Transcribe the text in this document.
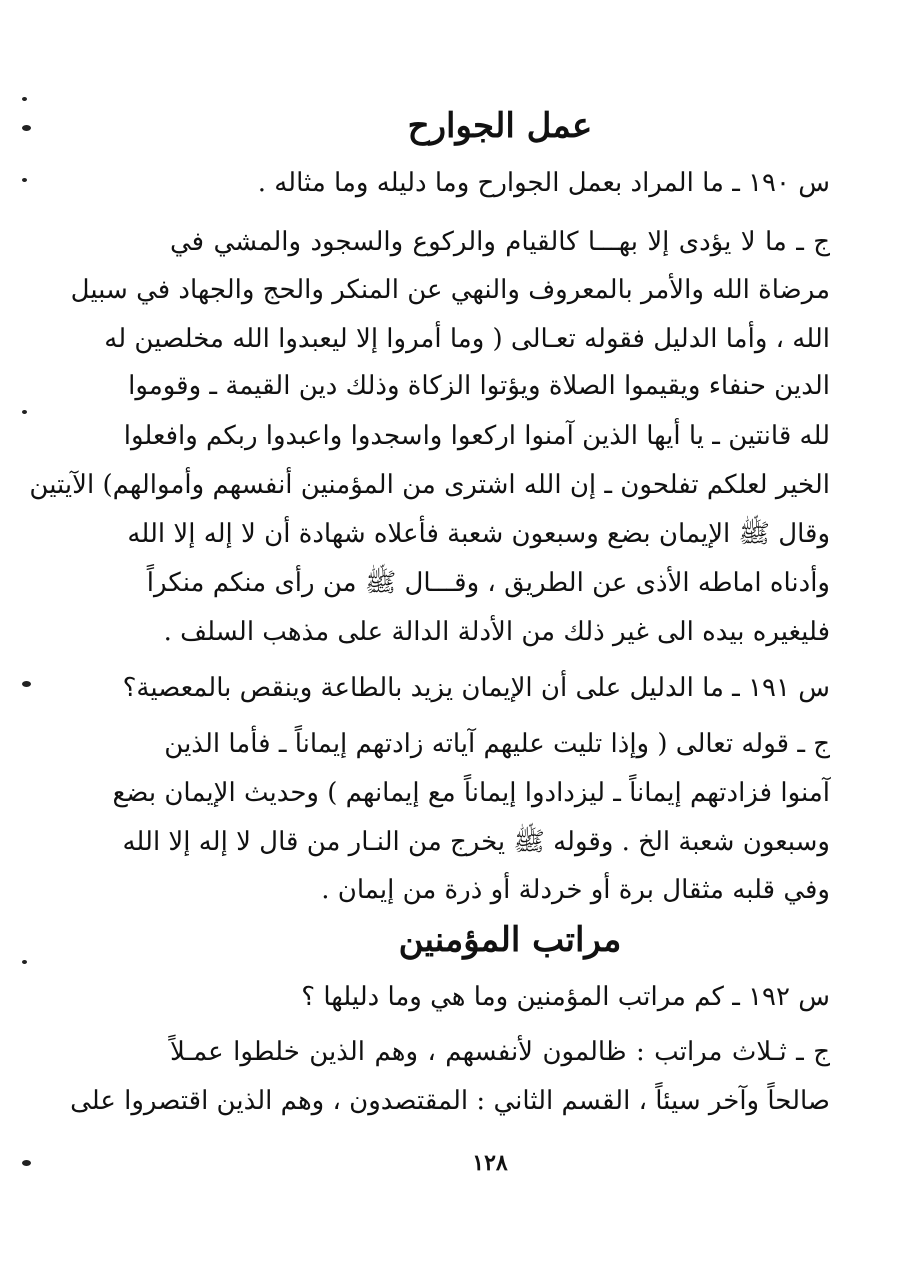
عمل الجوارح
س ١٩٠ ـ ما المراد بعمل الجوارح وما دليله وما مثاله .
ج ـ ما لا يؤدى إلا بهـــا كالقيام والركوع والسجود والمشي في
مرضاة الله والأمر بالمعروف والنهي عن المنكر والحج والجهاد في سبيل
الله ، وأما الدليل فقوله تعـالى ( وما أمروا إلا ليعبدوا الله مخلصين له
الدين حنفاء ويقيموا الصلاة ويؤتوا الزكاة وذلك دين القيمة ـ وقوموا
لله قانتين ـ يا أيها الذين آمنوا اركعوا واسجدوا واعبدوا ربكم وافعلوا
الخير لعلكم تفلحون ـ إن الله اشترى من المؤمنين أنفسهم وأموالهم) الآيتين
وقال ﷺ الإيمان بضع وسبعون شعبة فأعلاه شهادة أن لا إله إلا الله
وأدناه اماطه الأذى عن الطريق ، وقـــال ﷺ من رأى منكم منكراً
فليغيره بيده الى غير ذلك من الأدلة الدالة على مذهب السلف .
س ١٩١ ـ ما الدليل على أن الإيمان يزيد بالطاعة وينقص بالمعصية؟
ج ـ قوله تعالى ( وإذا تليت عليهم آياته زادتهم إيماناً ـ فأما الذين
آمنوا فزادتهم إيماناً ـ ليزدادوا إيماناً مع إيمانهم ) وحديث الإيمان بضع
وسبعون شعبة الخ . وقوله ﷺ يخرج من النـار من قال لا إله إلا الله
وفي قلبه مثقال برة أو خردلة أو ذرة من إيمان .
مراتب المؤمنين
س ١٩٢ ـ كم مراتب المؤمنين وما هي وما دليلها ؟
ج ـ ثـلاث مراتب : ظالمون لأنفسهم ، وهم الذين خلطوا عمـلاً
صالحاً وآخر سيئاً ، القسم الثاني : المقتصدون ، وهم الذين اقتصروا على
١٢٨
